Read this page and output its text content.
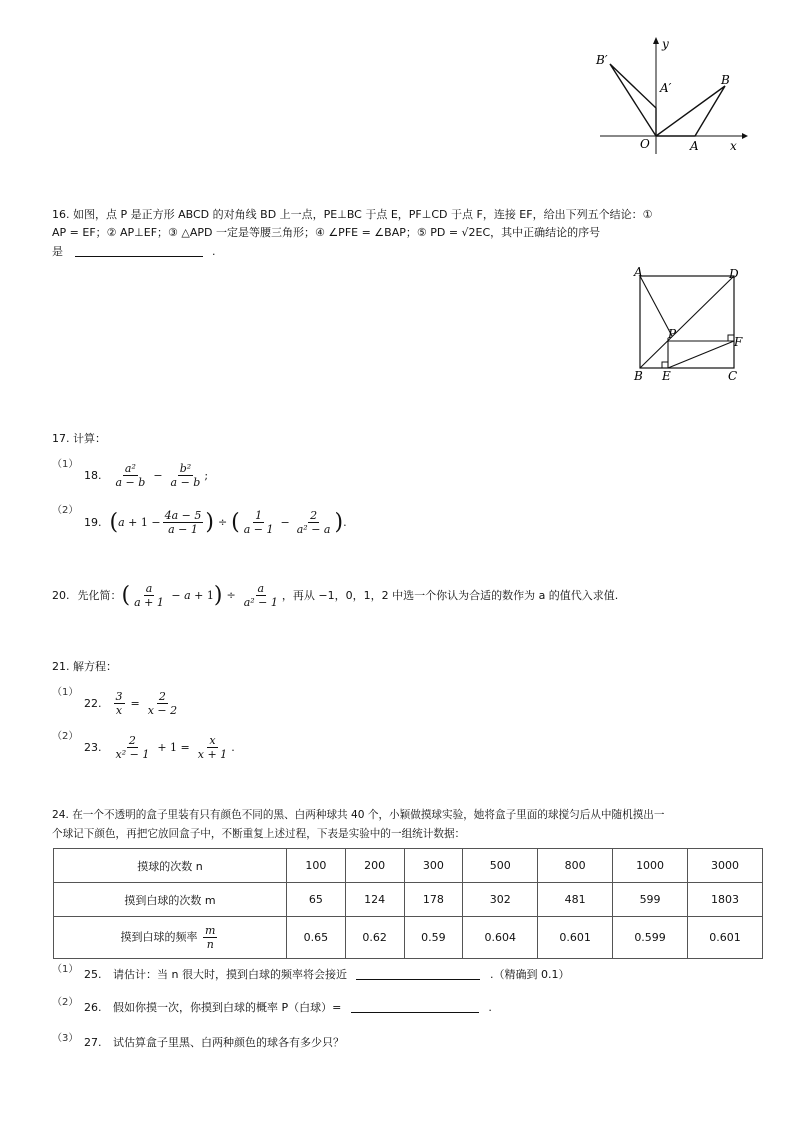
B′
A′
B
A
O	x
y
16. 如图，点 P 是正方形 ABCD 的对角线 BD 上一点，PE⊥BC 于点 E，PF⊥CD 于点 F，连接 EF，给出下列五个结论：①
AP = EF；② AP⊥EF；③ △APD 一定是等腰三角形；④ ∠PFE = ∠BAP；⑤ PD = √2EC，其中正确结论的序号
是	.
A	D
P
F
B E	C
17. 计算：
（1）
18. $\frac{\text{a²}}{a - b} - \frac{\text{b²}}{a - b}$ ;
（2）
19. ( $a + 1 - \frac{4a - 5}{a - 1}$ ) ÷ ( $\frac{1}{a - 1} - \frac{2}{\text{a² − a}}$ ) .
20. 先化简： ( $\frac{a}{a + 1} - a + 1$ ) ÷ $\frac{a}{\text{a² − 1}}$ ，再从 −1，0，1，2 中选一个你认为合适的数作为 a 的值代入求值.
21. 解方程：
（1）
22. $\frac{3}{x} = \frac{2}{x - 2}$
（2）
23. $\frac{2}{\text{x² − 1}} + 1 = \frac{x}{x + 1}$ .
24. 在一个不透明的盒子里装有只有颜色不同的黑、白两种球共 40 个，小颖做摸球实验，她将盒子里面的球搅匀后从中随机摸出一
个球记下颜色，再把它放回盒子中，不断重复上述过程，下表是实验中的一组统计数据：
摸球的次数 n	100	200	300	500	800	1000	3000
摸到白球的次数 m	65	124	178	302	481	599	1803
摸到白球的频率 $\frac{m}{n}$	0.65	0.62	0.59	0.604	0.601	0.599	0.601
（1） 25. 请估计：当 n 很大时，摸到白球的频率将会接近	.（精确到 0.1）
（2） 26. 假如你摸一次，你摸到白球的概率 P（白球）=	.
（3） 27. 试估算盒子里黑、白两种颜色的球各有多少只？
